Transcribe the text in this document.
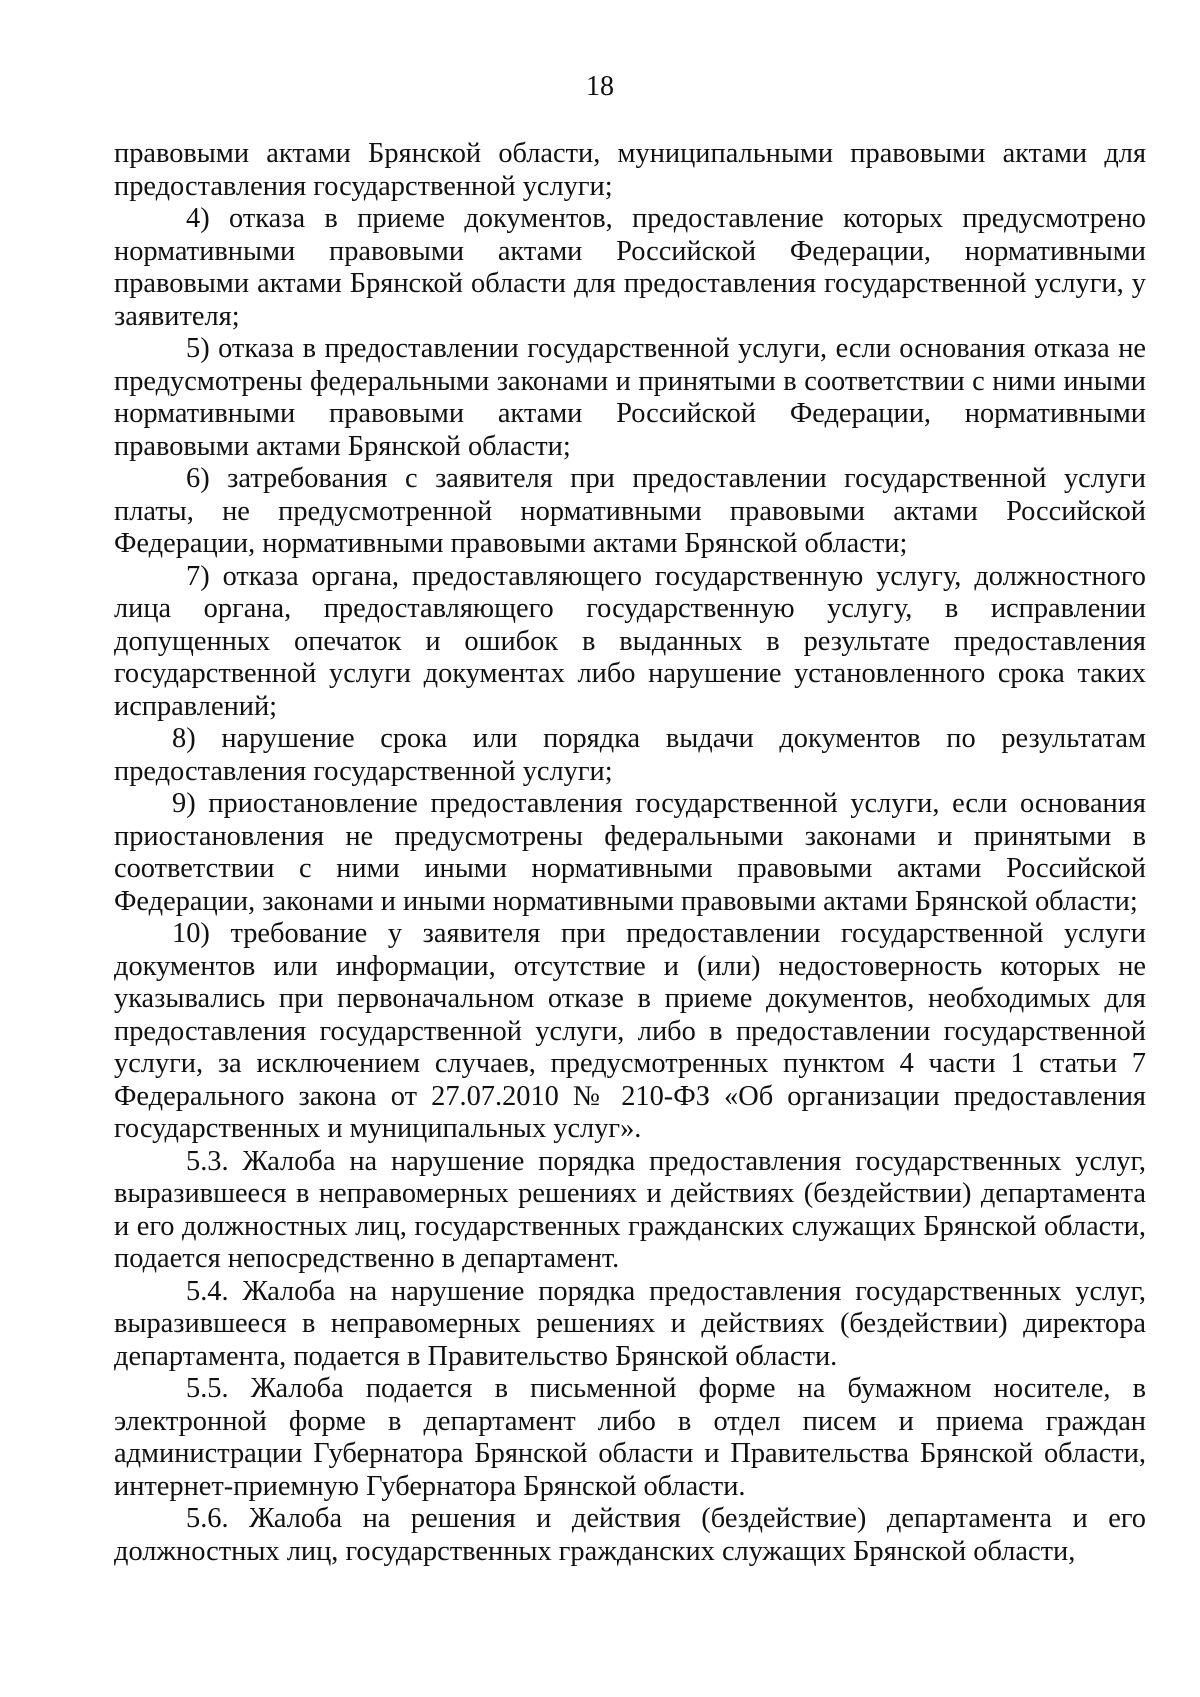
18

правовыми актами Брянской области, муниципальными правовыми актами для предоставления государственной услуги;

4) отказа в приеме документов, предоставление которых предусмотрено нормативными правовыми актами Российской Федерации, нормативными правовыми актами Брянской области для предоставления государственной услуги, у заявителя;

5) отказа в предоставлении государственной услуги, если основания отказа не предусмотрены федеральными законами и принятыми в соответствии с ними иными нормативными правовыми актами Российской Федерации, нормативными правовыми актами Брянской области;

6) затребования с заявителя при предоставлении государственной услуги платы, не предусмотренной нормативными правовыми актами Российской Федерации, нормативными правовыми актами Брянской области;

7) отказа органа, предоставляющего государственную услугу, должностного лица органа, предоставляющего государственную услугу, в исправлении допущенных опечаток и ошибок в выданных в результате предоставления государственной услуги документах либо нарушение установленного срока таких исправлений;

8) нарушение срока или порядка выдачи документов по результатам предоставления государственной услуги;

9) приостановление предоставления государственной услуги, если основания приостановления не предусмотрены федеральными законами и принятыми в соответствии с ними иными нормативными правовыми актами Российской Федерации, законами и иными нормативными правовыми актами Брянской области;

10) требование у заявителя при предоставлении государственной услуги документов или информации, отсутствие и (или) недостоверность которых не указывались при первоначальном отказе в приеме документов, необходимых для предоставления государственной услуги, либо в предоставлении государственной услуги, за исключением случаев, предусмотренных пунктом 4 части 1 статьи 7 Федерального закона от 27.07.2010 № 210-ФЗ «Об организации предоставления государственных и муниципальных услуг».

5.3. Жалоба на нарушение порядка предоставления государственных услуг, выразившееся в неправомерных решениях и действиях (бездействии) департамента и его должностных лиц, государственных гражданских служащих Брянской области, подается непосредственно в департамент.

5.4. Жалоба на нарушение порядка предоставления государственных услуг, выразившееся в неправомерных решениях и действиях (бездействии) директора департамента, подается в Правительство Брянской области.

5.5. Жалоба подается в письменной форме на бумажном носителе, в электронной форме в департамент либо в отдел писем и приема граждан администрации Губернатора Брянской области и Правительства Брянской области, интернет-приемную Губернатора Брянской области.

5.6. Жалоба на решения и действия (бездействие) департамента и его должностных лиц, государственных гражданских служащих Брянской области,
